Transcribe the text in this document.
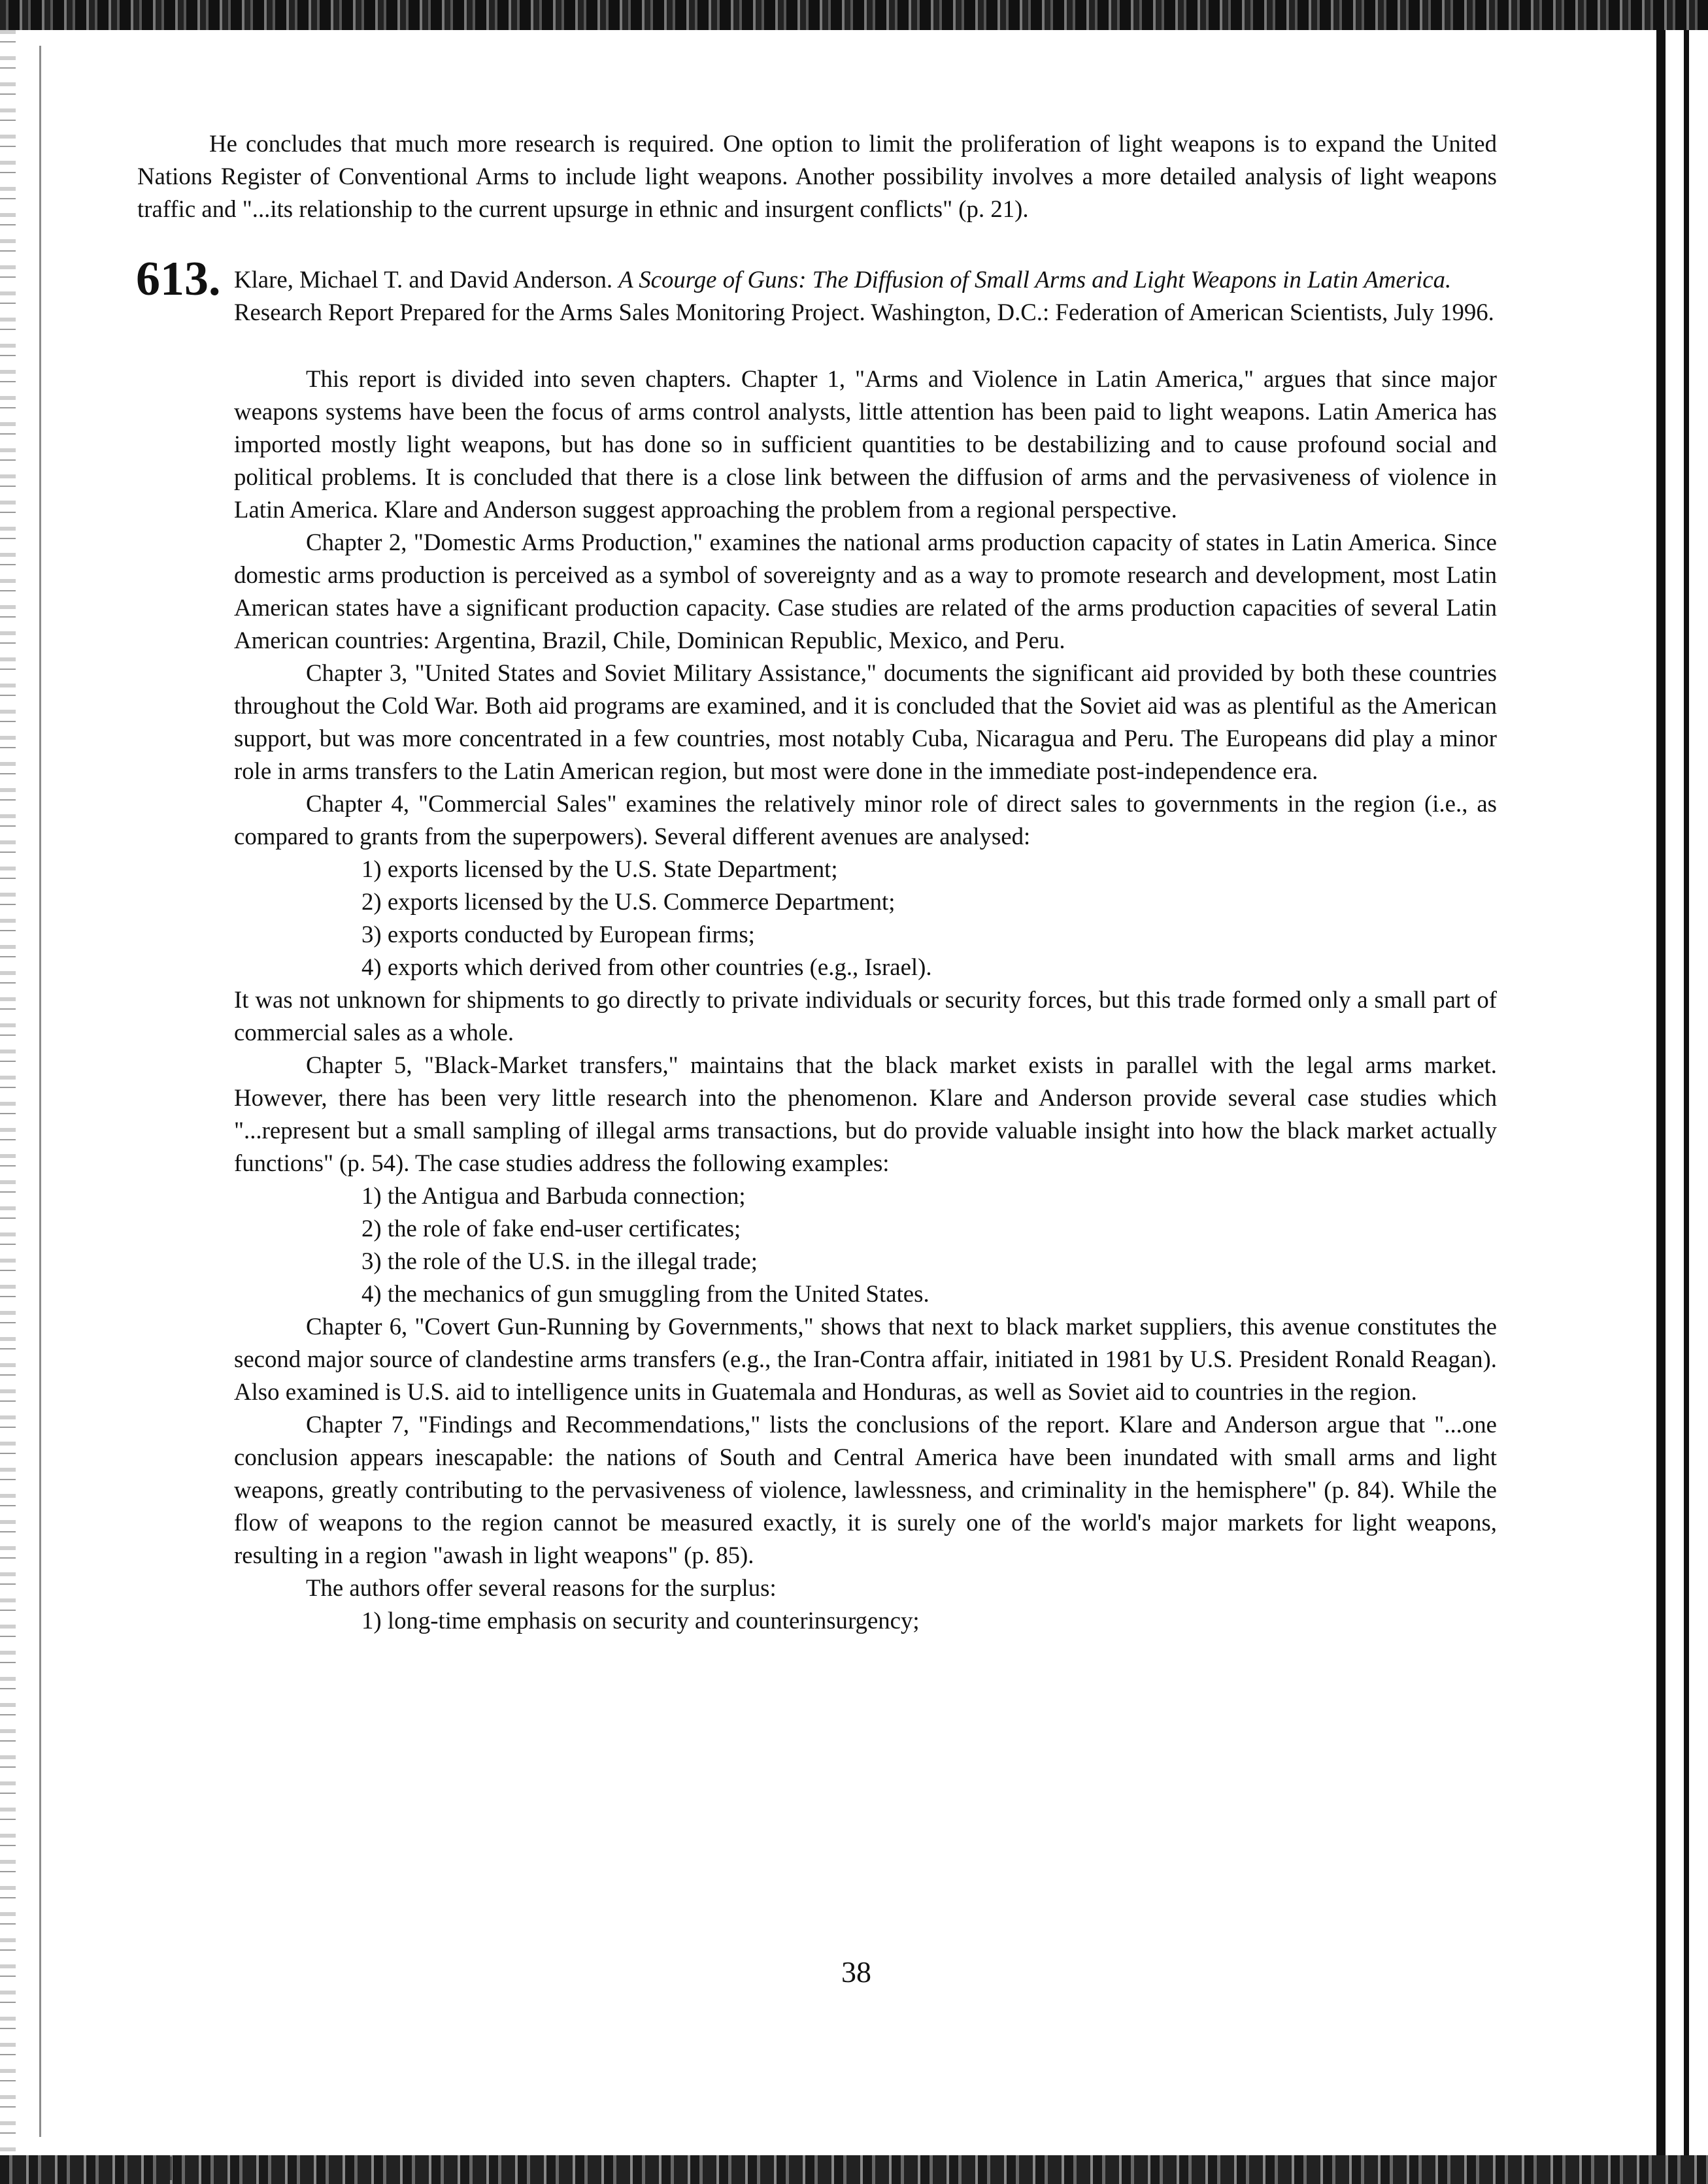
He concludes that much more research is required. One option to limit the proliferation of light weapons is to expand the United Nations Register of Conventional Arms to include light weapons. Another possibility involves a more detailed analysis of light weapons traffic and "...its relationship to the current upsurge in ethnic and insurgent conflicts" (p. 21).

613. Klare, Michael T. and David Anderson. A Scourge of Guns: The Diffusion of Small Arms and Light Weapons in Latin America. Research Report Prepared for the Arms Sales Monitoring Project. Washington, D.C.: Federation of American Scientists, July 1996.

This report is divided into seven chapters. Chapter 1, "Arms and Violence in Latin America," argues that since major weapons systems have been the focus of arms control analysts, little attention has been paid to light weapons. Latin America has imported mostly light weapons, but has done so in sufficient quantities to be destabilizing and to cause profound social and political problems. It is concluded that there is a close link between the diffusion of arms and the pervasiveness of violence in Latin America. Klare and Anderson suggest approaching the problem from a regional perspective.

Chapter 2, "Domestic Arms Production," examines the national arms production capacity of states in Latin America. Since domestic arms production is perceived as a symbol of sovereignty and as a way to promote research and development, most Latin American states have a significant production capacity. Case studies are related of the arms production capacities of several Latin American countries: Argentina, Brazil, Chile, Dominican Republic, Mexico, and Peru.

Chapter 3, "United States and Soviet Military Assistance," documents the significant aid provided by both these countries throughout the Cold War. Both aid programs are examined, and it is concluded that the Soviet aid was as plentiful as the American support, but was more concentrated in a few countries, most notably Cuba, Nicaragua and Peru. The Europeans did play a minor role in arms transfers to the Latin American region, but most were done in the immediate post-independence era.

Chapter 4, "Commercial Sales" examines the relatively minor role of direct sales to governments in the region (i.e., as compared to grants from the superpowers). Several different avenues are analysed:

1) exports licensed by the U.S. State Department;
2) exports licensed by the U.S. Commerce Department;
3) exports conducted by European firms;
4) exports which derived from other countries (e.g., Israel).

It was not unknown for shipments to go directly to private individuals or security forces, but this trade formed only a small part of commercial sales as a whole.

Chapter 5, "Black-Market transfers," maintains that the black market exists in parallel with the legal arms market. However, there has been very little research into the phenomenon. Klare and Anderson provide several case studies which "...represent but a small sampling of illegal arms transactions, but do provide valuable insight into how the black market actually functions" (p. 54). The case studies address the following examples:

1) the Antigua and Barbuda connection;
2) the role of fake end-user certificates;
3) the role of the U.S. in the illegal trade;
4) the mechanics of gun smuggling from the United States.

Chapter 6, "Covert Gun-Running by Governments," shows that next to black market suppliers, this avenue constitutes the second major source of clandestine arms transfers (e.g., the Iran-Contra affair, initiated in 1981 by U.S. President Ronald Reagan). Also examined is U.S. aid to intelligence units in Guatemala and Honduras, as well as Soviet aid to countries in the region.

Chapter 7, "Findings and Recommendations," lists the conclusions of the report. Klare and Anderson argue that "...one conclusion appears inescapable: the nations of South and Central America have been inundated with small arms and light weapons, greatly contributing to the pervasiveness of violence, lawlessness, and criminality in the hemisphere" (p. 84). While the flow of weapons to the region cannot be measured exactly, it is surely one of the world's major markets for light weapons, resulting in a region "awash in light weapons" (p. 85).

The authors offer several reasons for the surplus:

1) long-time emphasis on security and counterinsurgency;
38
